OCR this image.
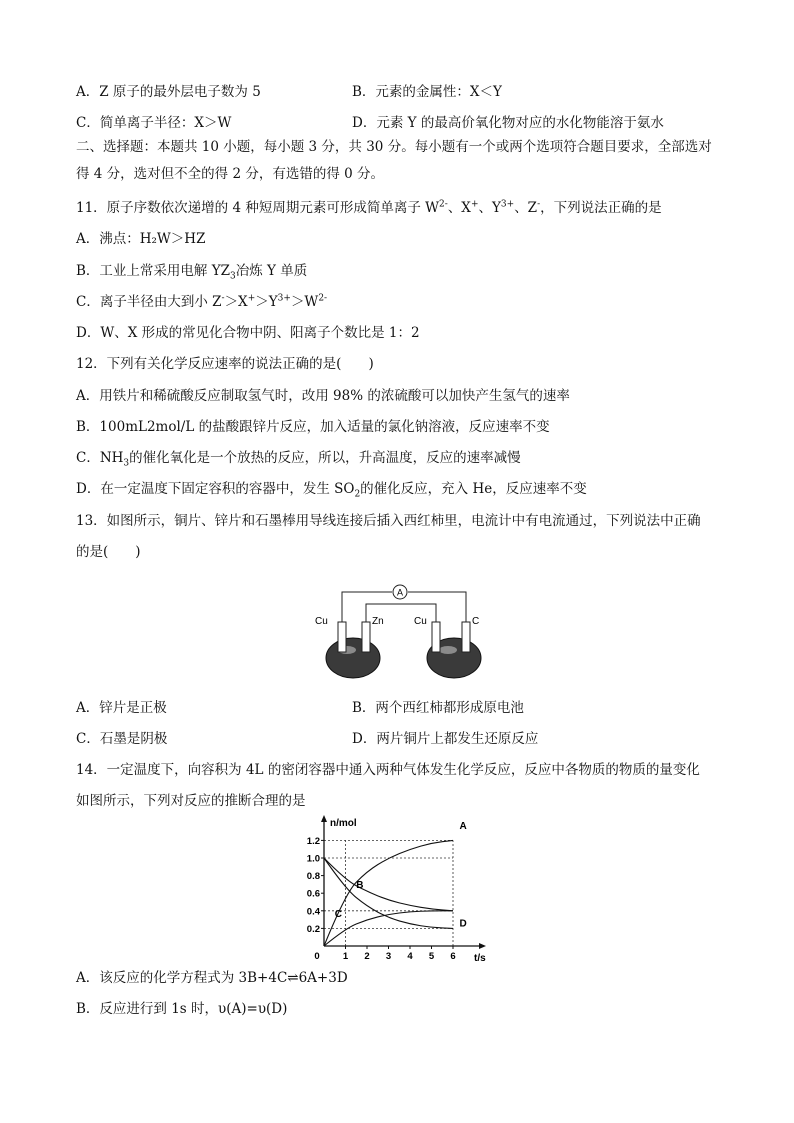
A．Z 原子的最外层电子数为 5	B．元素的金属性：X＜Y
C．简单离子半径：X＞W	D．元素 Y 的最高价氧化物对应的水化物能溶于氨水
二、选择题：本题共 10 小题，每小题 3 分，共 30 分。每小题有一个或两个选项符合题目要求，全部选对
得 4 分，选对但不全的得 2 分，有选错的得 0 分。
11．原子序数依次递增的 4 种短周期元素可形成简单离子 $W^{2-}$、X+、$Y^{3+}$、Z-，下列说法正确的是
A．沸点：H₂W＞HZ
B．工业上常采用电解 $YZ_3$冶炼 Y 单质
C．离子半径由大到小 $Z^->X^+>Y^{3+}>W^{2-}$
D．W、X 形成的常见化合物中阴、阳离子个数比是 1：2
12．下列有关化学反应速率的说法正确的是(　　)
A．用铁片和稀硫酸反应制取氢气时，改用 98% 的浓硫酸可以加快产生氢气的速率
B．100mL2mol/L 的盐酸跟锌片反应，加入适量的氯化钠溶液，反应速率不变
C．$NH_3$的催化氧化是一个放热的反应，所以，升高温度，反应的速率减慢
D．在一定温度下固定容积的容器中，发生 $SO_2$的催化反应，充入 He，反应速率不变
13．如图所示，铜片、锌片和石墨棒用导线连接后插入西红柿里，电流计中有电流通过，下列说法中正确
的是(　　)
A
Cu	Zn	Cu	C
A．锌片是正极	B．两个西红柿都形成原电池
C．石墨是阴极	D．两片铜片上都发生还原反应
14．一定温度下，向容积为 4L 的密闭容器中通入两种气体发生化学反应，反应中各物质的物质的量变化
如图所示，下列对反应的推断合理的是
0.2
0.4
0.6
0.8
1.0
1.2
0 1 2 3 4 5 6
A
B
C
D
n/mol
t/s
A．该反应的化学方程式为 3B+4C⇌6A+3D
B．反应进行到 1s 时，υ(A)=υ(D)
